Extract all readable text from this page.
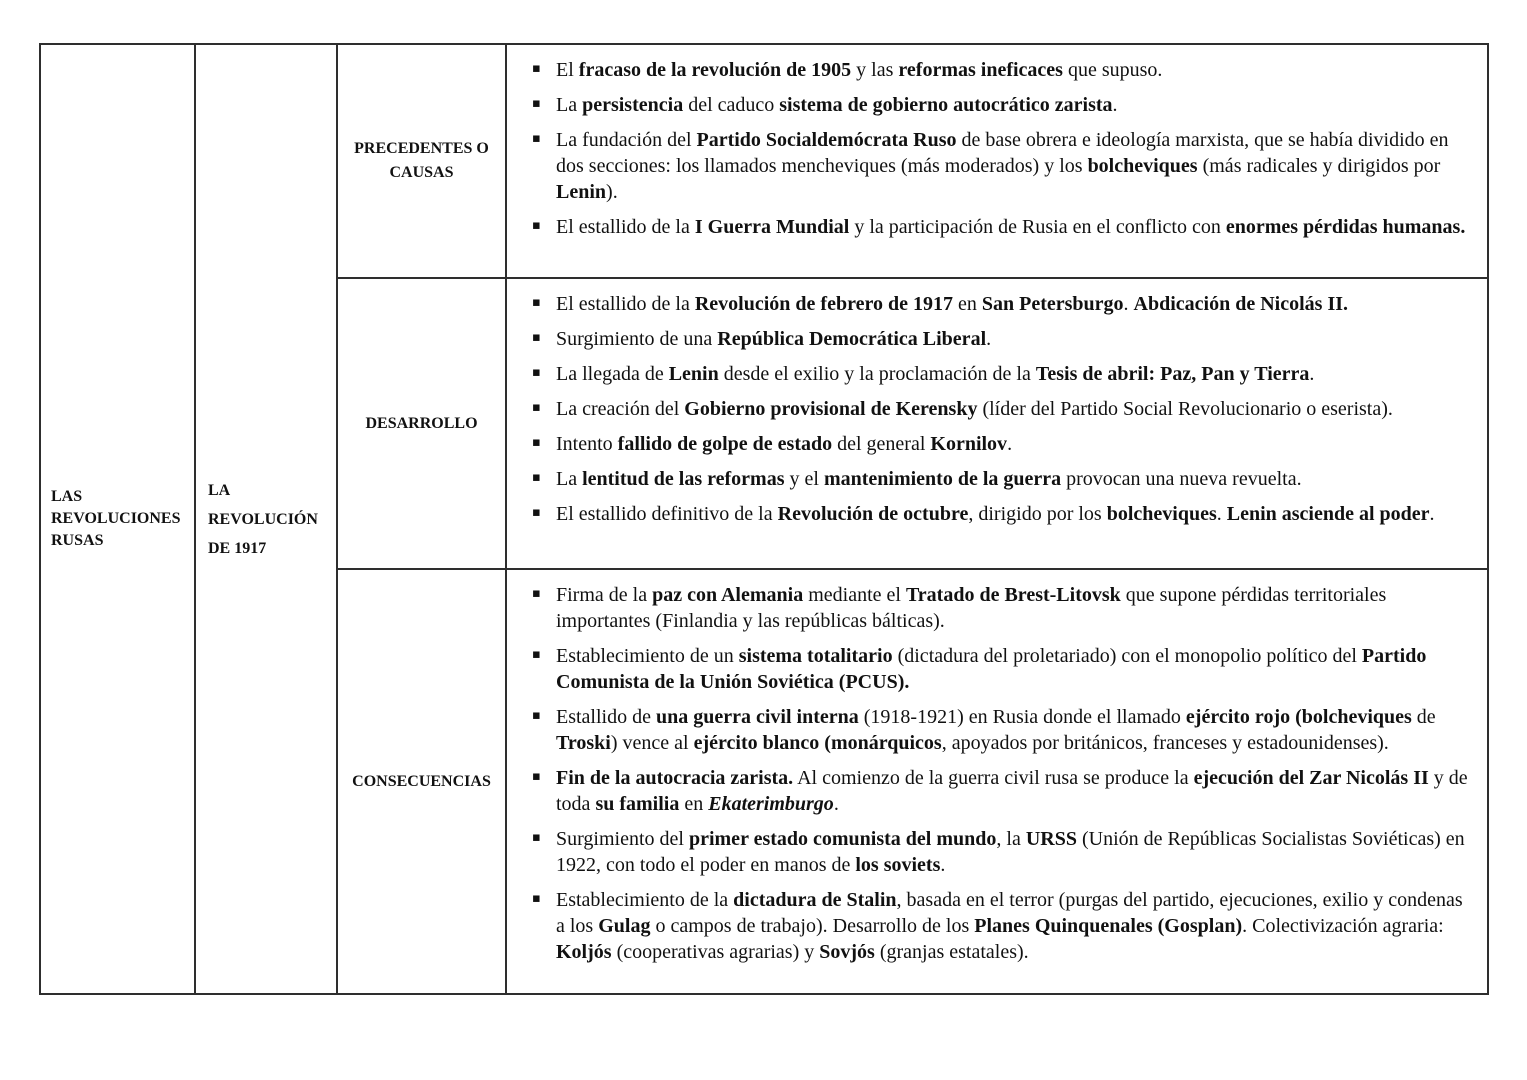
LAS
REVOLUCIONES
RUSAS
LA
REVOLUCIÓN
DE 1917
PRECEDENTES O CAUSAS
▪ El fracaso de la revolución de 1905 y las reformas ineficaces que supuso.
▪ La persistencia del caduco sistema de gobierno autocrático zarista.
▪ La fundación del Partido Socialdemócrata Ruso de base obrera e ideología marxista, que se había dividido en dos secciones: los llamados mencheviques (más moderados) y los bolcheviques (más radicales y dirigidos por Lenin).
▪ El estallido de la I Guerra Mundial y la participación de Rusia en el conflicto con enormes pérdidas humanas.
DESARROLLO
▪ El estallido de la Revolución de febrero de 1917 en San Petersburgo. Abdicación de Nicolás II.
▪ Surgimiento de una República Democrática Liberal.
▪ La llegada de Lenin desde el exilio y la proclamación de la Tesis de abril: Paz, Pan y Tierra.
▪ La creación del Gobierno provisional de Kerensky (líder del Partido Social Revolucionario o eserista).
▪ Intento fallido de golpe de estado del general Kornilov.
▪ La lentitud de las reformas y el mantenimiento de la guerra provocan una nueva revuelta.
▪ El estallido definitivo de la Revolución de octubre, dirigido por los bolcheviques. Lenin asciende al poder.
CONSECUENCIAS
▪ Firma de la paz con Alemania mediante el Tratado de Brest-Litovsk que supone pérdidas territoriales importantes (Finlandia y las repúblicas bálticas).
▪ Establecimiento de un sistema totalitario (dictadura del proletariado) con el monopolio político del Partido Comunista de la Unión Soviética (PCUS).
▪ Estallido de una guerra civil interna (1918-1921) en Rusia donde el llamado ejército rojo (bolcheviques de Troski) vence al ejército blanco (monárquicos, apoyados por británicos, franceses y estadounidenses).
▪ Fin de la autocracia zarista. Al comienzo de la guerra civil rusa se produce la ejecución del Zar Nicolás II y de toda su familia en Ekaterimburgo.
▪ Surgimiento del primer estado comunista del mundo, la URSS (Unión de Repúblicas Socialistas Soviéticas) en 1922, con todo el poder en manos de los soviets.
▪ Establecimiento de la dictadura de Stalin, basada en el terror (purgas del partido, ejecuciones, exilio y condenas a los Gulag o campos de trabajo). Desarrollo de los Planes Quinquenales (Gosplan). Colectivización agraria: Koljós (cooperativas agrarias) y Sovjós (granjas estatales).
